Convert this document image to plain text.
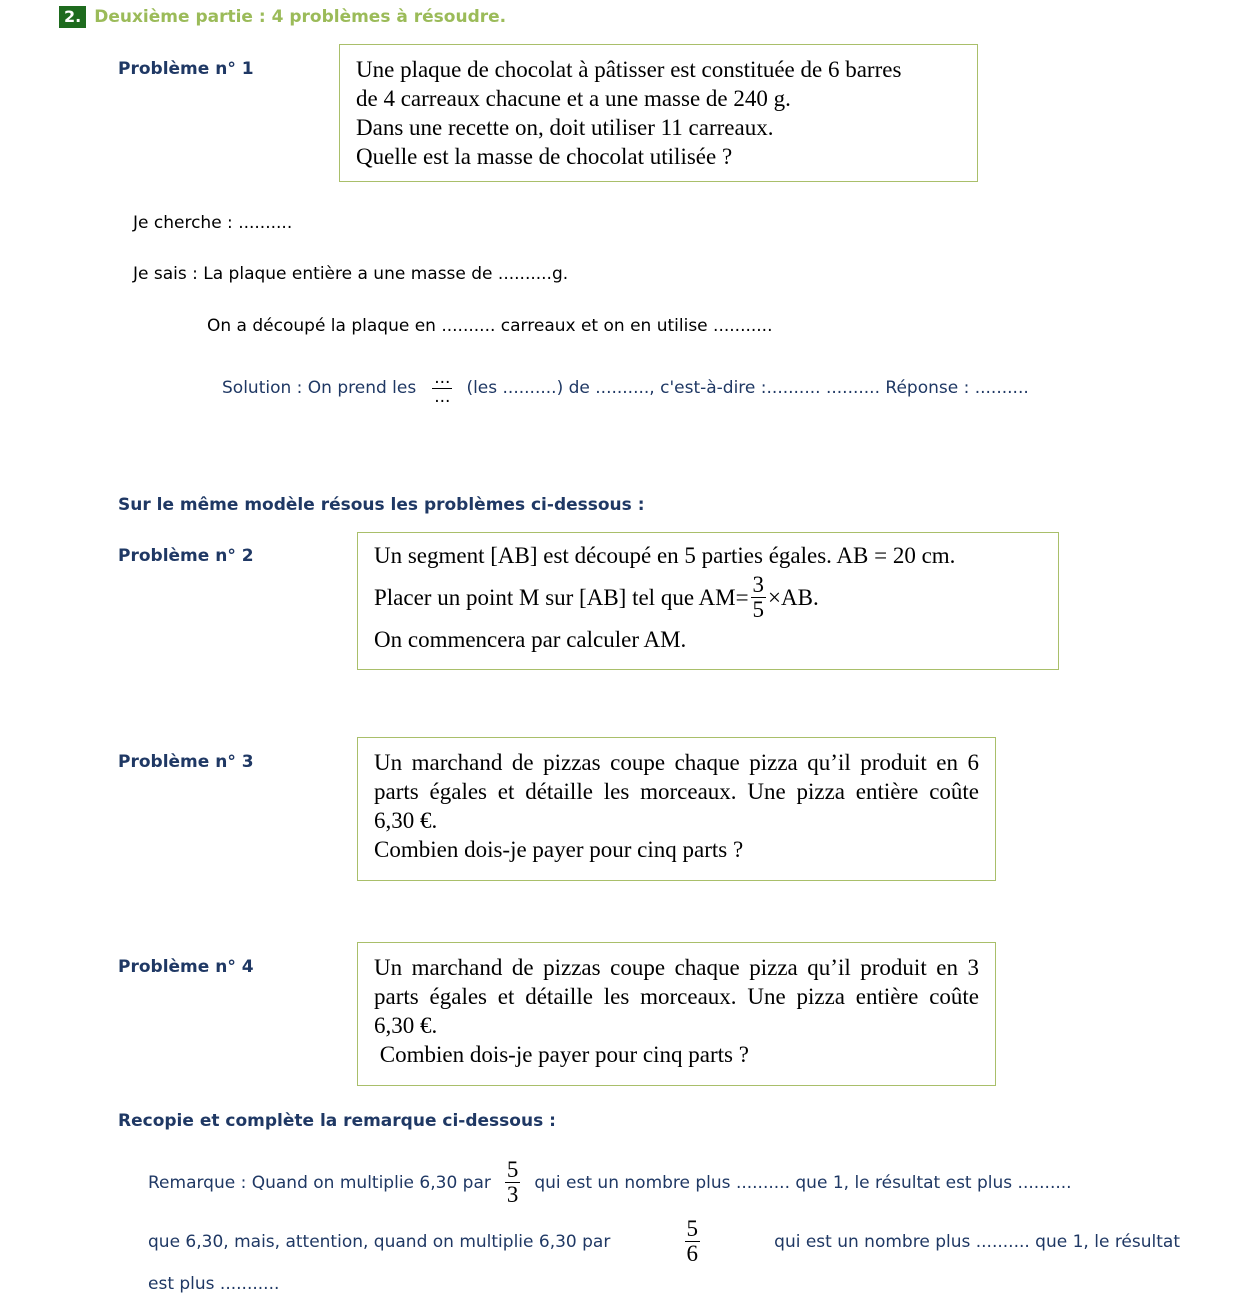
2. Deuxième partie : 4 problèmes à résoudre.
Problème n° 1	Une plaque de chocolat à pâtisser est constituée de 6 barres

de 4 carreaux chacune et a une masse de 240 g.

Dans une recette on, doit utiliser 11 carreaux.

Quelle est la masse de chocolat utilisée ?

Je cherche : ..........
Je sais : La plaque entière a une masse de ..........g.
On a découpé la plaque en .......... carreaux et on en utilise ...........
Solution : On prend les $\frac{...}{...} (les$ ..........) de .........., c'est-à-dire :.......... .......... Réponse : ..........
Sur le même modèle résous les problèmes ci-dessous :
Problème n° 2	Un segment [AB] est découpé en 5 parties égales. AB = 20 cm.

Placer un point M sur [AB] tel que $AM= \frac{3}{5} \times AB$.

On commencera par calculer AM.

Problème n° 3	Un marchand de pizzas coupe chaque pizza qu’il produit en 6 parts égales et détaille les morceaux. Une pizza entière coûte 6,30 €.

Combien dois-je payer pour cinq parts ?

Problème n° 4	Un marchand de pizzas coupe chaque pizza qu’il produit en 3 parts égales et détaille les morceaux. Une pizza entière coûte 6,30 €.

Combien dois-je payer pour cinq parts ?

Recopie et complète la remarque ci-dessous :
Remarque : Quand on multiplie 6,30 par $\frac{5}{3}$ qui est un nombre plus .......... que 1, le résultat est plus ..........
que 6,30, mais, attention, quand on multiplie 6,30 par	$\frac{5}{6}$	qui est un nombre plus .......... que 1, le résultat
est plus ...........
